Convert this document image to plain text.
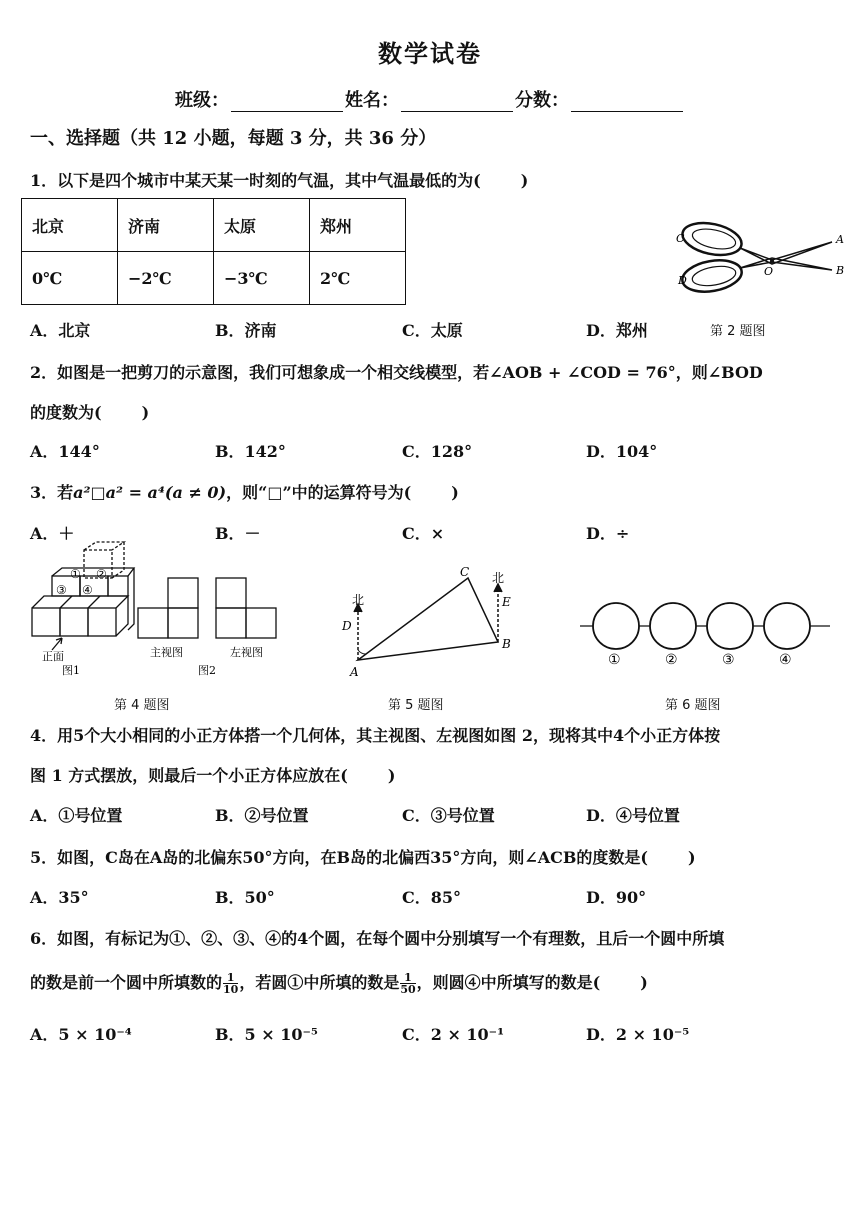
数学试卷
班级：	姓名：	分数：
一、选择题（共 12 小题，每题 3 分，共 36 分）
1．以下是四个城市中某天某一时刻的气温，其中气温最低的为(	)
北京	济南	太原	郑州
0℃	−2℃	−3℃	2℃
C
D
A
B
O
A．北京	B．济南	C．太原	D．郑州	第 2 题图
2．如图是一把剪刀的示意图，我们可想象成一个相交线模型，若∠AOB + ∠COD = 76°，则∠BOD
的度数为(	)
A．144°	B．142°	C．128°	D．104°
3．若a²□a² = a⁴(a ≠ 0)，则“□”中的运算符号为(	)
A．＋	B．－	C．×	D．÷
① ②
③ ④
正面
图1
主视图	左视图
图2
北
北
A
B
C
D
E
①	②	③	④
第 4 题图	第 5 题图	第 6 题图
4．用5个大小相同的小正方体搭一个几何体，其主视图、左视图如图 2，现将其中4个小正方体按
图 1 方式摆放，则最后一个小正方体应放在(	)
A．①号位置	B．②号位置	C．③号位置	D．④号位置
5．如图，C岛在A岛的北偏东50°方向，在B岛的北偏西35°方向，则∠ACB的度数是(	)
A．35°	B．50°	C．85°	D．90°
6．如图，有标记为①、②、③、④的4个圆，在每个圆中分别填写一个有理数，且后一个圆中所填
的数是前一个圆中所填数的 $\frac{1}{10}$ ，若圆①中所填的数是 $\frac{1}{50}$ ，则圆④中所填写的数是(	)
A．5 × 10⁻⁴	B．5 × 10⁻⁵	C．2 × 10⁻¹	D．2 × 10⁻⁵
